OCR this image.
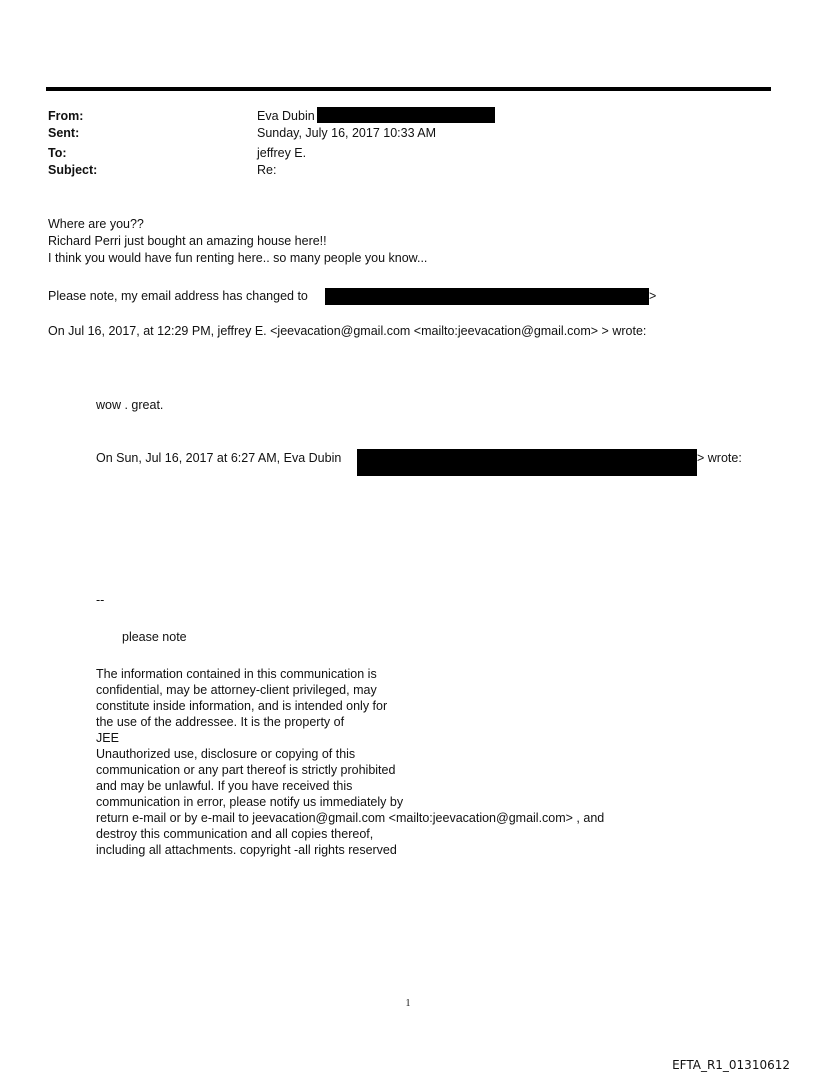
From:	Eva Dubin
Sent:	Sunday, July 16, 2017 10:33 AM
To:	jeffrey E.
Subject:	Re:
Where are you??
Richard Perri just bought an amazing house here!!
I think you would have fun renting here.. so many people you know...
Please note, my email address has changed to	>
On Jul 16, 2017, at 12:29 PM, jeffrey E. <jeevacation@gmail.com <mailto:jeevacation@gmail.com> > wrote:
wow . great.
On Sun, Jul 16, 2017 at 6:27 AM, Eva Dubin	> wrote:
--
please note
The information contained in this communication is
confidential, may be attorney-client privileged, may
constitute inside information, and is intended only for
the use of the addressee. It is the property of
JEE
Unauthorized use, disclosure or copying of this
communication or any part thereof is strictly prohibited
and may be unlawful. If you have received this
communication in error, please notify us immediately by
return e-mail or by e-mail to jeevacation@gmail.com <mailto:jeevacation@gmail.com> , and
destroy this communication and all copies thereof,
including all attachments. copyright -all rights reserved
1
EFTA_R1_01310612
